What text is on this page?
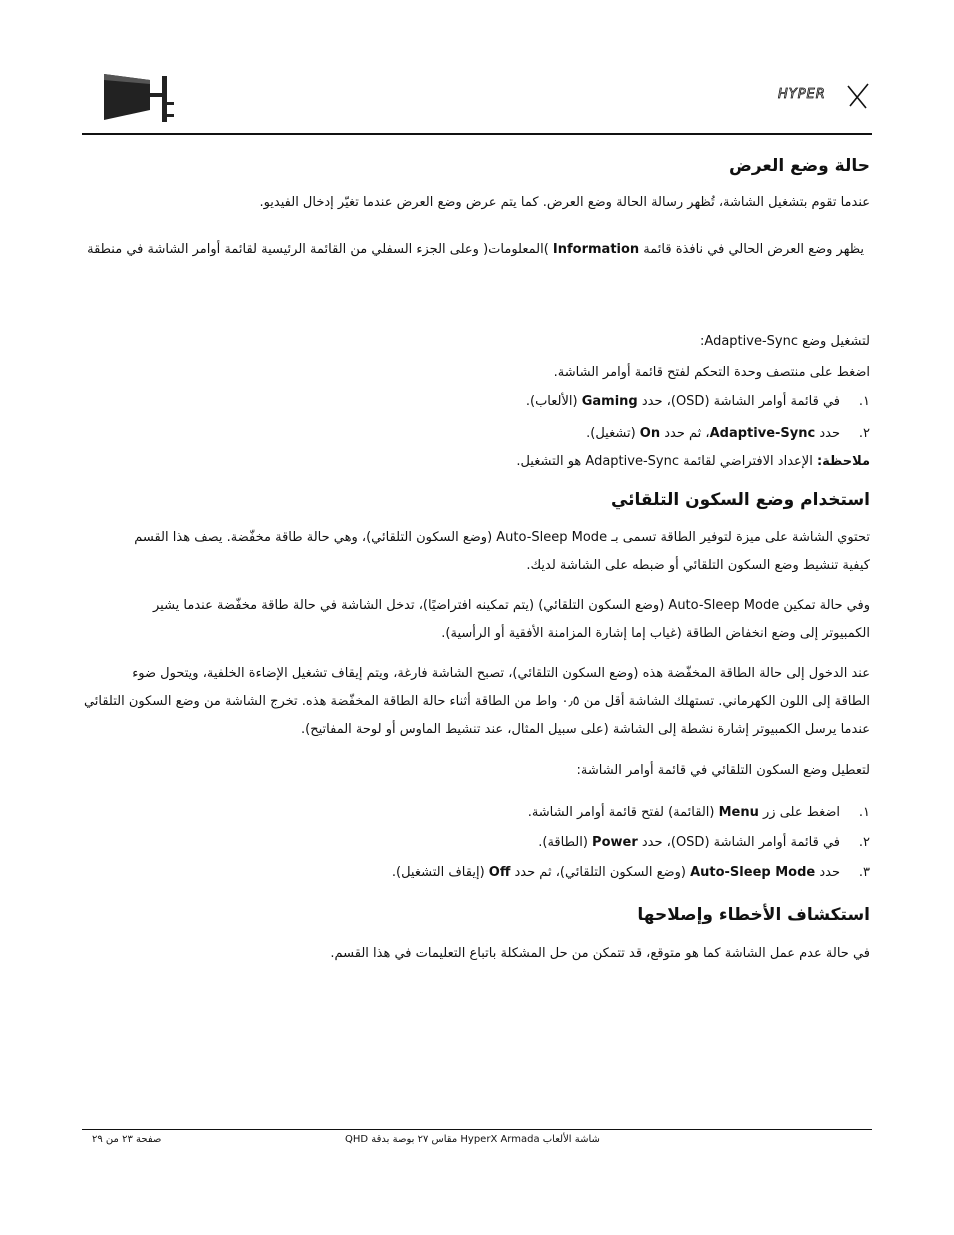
HYPER
حالة وضع العرض
عندما تقوم بتشغيل الشاشة، تُظهر رسالة الحالة وضع العرض. كما يتم عرض وضع العرض عندما تغيّر إدخال الفيديو.
يظهر وضع العرض الحالي في نافذة قائمة Information )المعلومات( وعلى الجزء السفلي من القائمة الرئيسية لقائمة أوامر الشاشة في منطقة
لتشغيل وضع Adaptive-Sync:
اضغط على منتصف وحدة التحكم لفتح قائمة أوامر الشاشة.
١.في قائمة أوامر الشاشة (OSD)، حدد Gaming (الألعاب).
٢.حدد Adaptive-Sync، ثم حدد On (تشغيل).
ملاحظة: الإعداد الافتراضي لقائمة Adaptive-Sync هو التشغيل.
استخدام وضع السكون التلقائي
تحتوي الشاشة على ميزة لتوفير الطاقة تسمى بـ Auto-Sleep Mode (وضع السكون التلقائي)، وهي حالة طاقة مخفّضة. يصف هذا القسم
كيفية تنشيط وضع السكون التلقائي أو ضبطه على الشاشة لديك.
وفي حالة تمكين Auto-Sleep Mode (وضع السكون التلقائي) (يتم تمكينه افتراضيًا)، تدخل الشاشة في حالة طاقة مخفّضة عندما يشير
الكمبيوتر إلى وضع انخفاض الطاقة (غياب إما إشارة المزامنة الأفقية أو الرأسية).
عند الدخول إلى حالة الطاقة المخفّضة هذه (وضع السكون التلقائي)، تصبح الشاشة فارغة، ويتم إيقاف تشغيل الإضاءة الخلفية، ويتحول ضوء
الطاقة إلى اللون الكهرماني. تستهلك الشاشة أقل من ٠٫٥ واط من الطاقة أثناء حالة الطاقة المخفّضة هذه. تخرج الشاشة من وضع السكون التلقائي
عندما يرسل الكمبيوتر إشارة نشطة إلى الشاشة (على سبيل المثال، عند تنشيط الماوس أو لوحة المفاتيح).
لتعطيل وضع السكون التلقائي في قائمة أوامر الشاشة:
١.اضغط على زر Menu (القائمة) لفتح قائمة أوامر الشاشة.
٢.في قائمة أوامر الشاشة (OSD)، حدد Power (الطاقة).
٣.حدد Auto-Sleep Mode (وضع السكون التلقائي)، ثم حدد Off (إيقاف التشغيل).
استكشاف الأخطاء وإصلاحها
في حالة عدم عمل الشاشة كما هو متوقع، قد تتمكن من حل المشكلة باتباع التعليمات في هذا القسم.
صفحة ٢٣ من ٢٩	شاشة الألعاب HyperX Armada مقاس ٢٧ بوصة بدقة QHD
